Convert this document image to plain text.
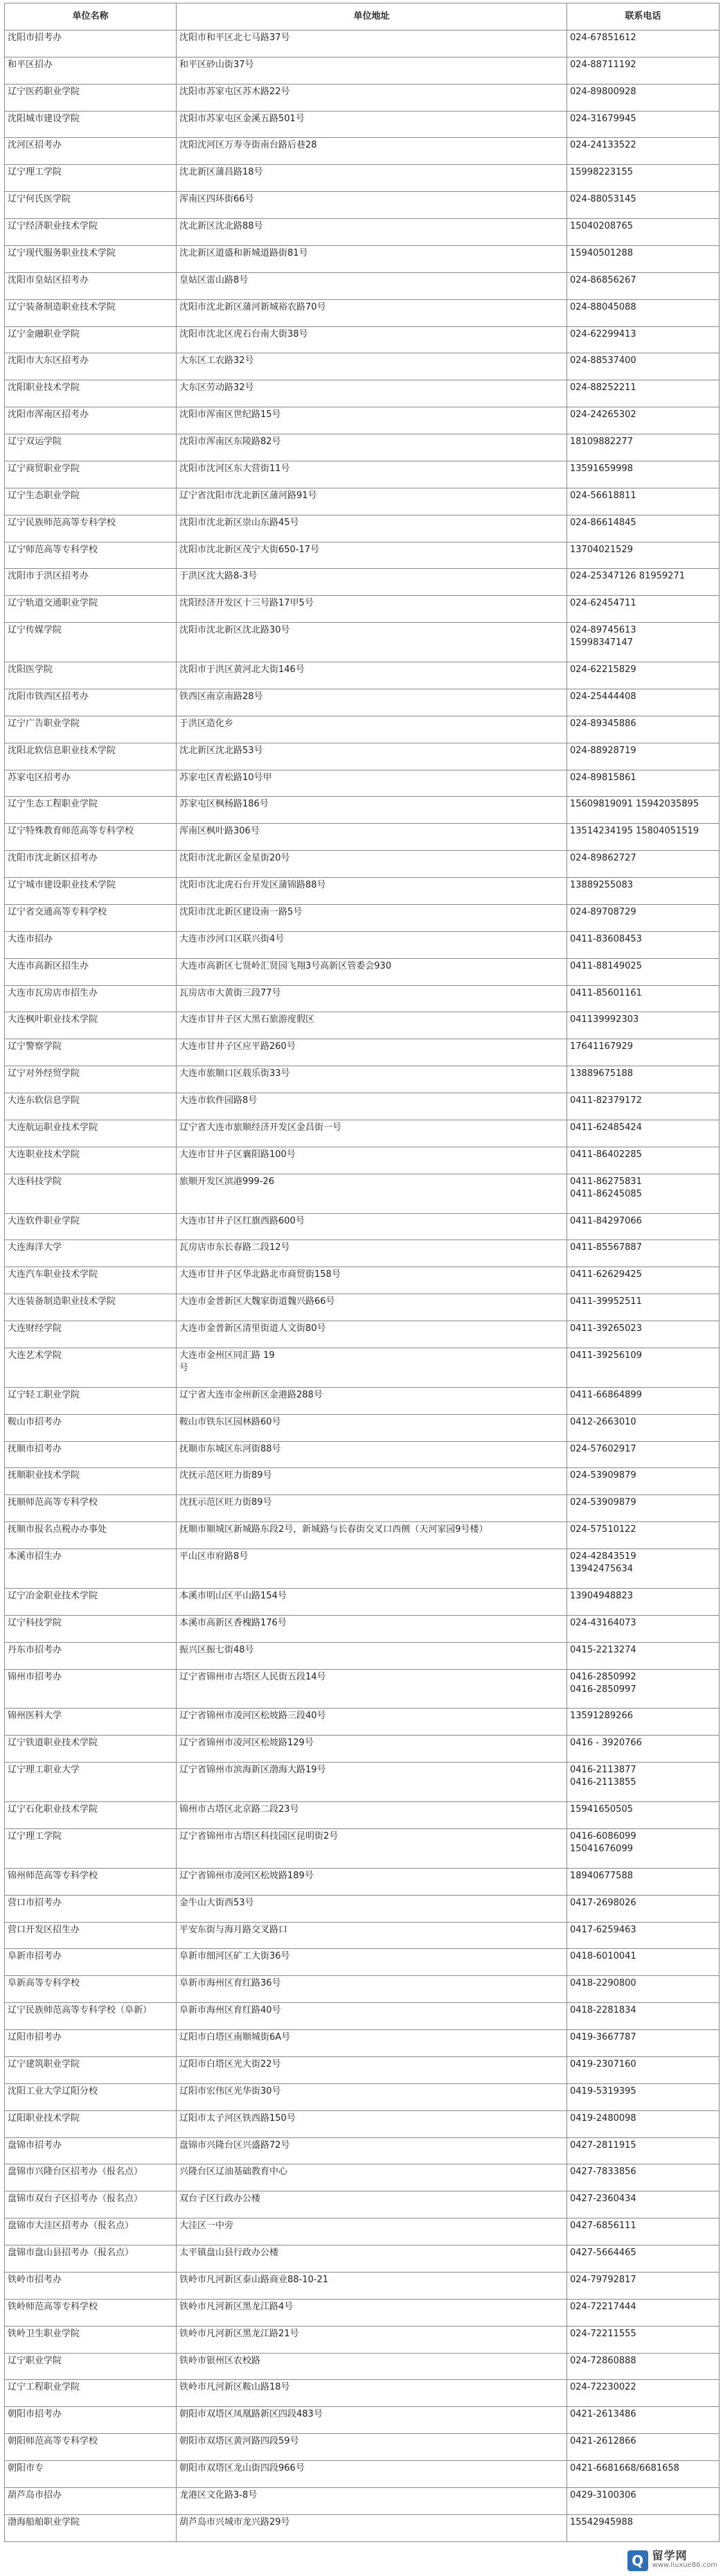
单位名称	单位地址	联系电话
沈阳市招考办	沈阳市和平区北七马路37号	024-67851612
和平区招办	和平区砂山街37号	024-88711192
辽宁医药职业学院	沈阳市苏家屯区苏木路22号	024-89800928
沈阳城市建设学院	沈阳市苏家屯区金溪五路501号	024-31679945
沈河区招考办	沈阳沈河区万寿寺街南台路后巷28	024-24133522
辽宁理工学院	沈北新区蒲昌路18号	15998223155
辽宁何氏医学院	浑南区四环街66号	024-88053145
辽宁经济职业技术学院	沈北新区沈北路88号	15040208765
辽宁现代服务职业技术学院	沈北新区道盛和新城道路街81号	15940501288
沈阳市皇姑区招考办	皇姑区雷山路8号	024-86856267
辽宁装备制造职业技术学院	沈阳市沈北新区蒲河新城裕农路70号	024-88045088
辽宁金融职业学院	沈阳市沈北区虎石台南大街38号	024-62299413
沈阳市大东区招考办	大东区工农路32号	024-88537400
沈阳职业技术学院	大东区劳动路32号	024-88252211
沈阳市浑南区招考办	沈阳市浑南区世纪路15号	024-24265302
辽宁双运学院	沈阳市浑南区东陵路82号	18109882277
辽宁商贸职业学院	沈阳市沈河区东大营街11号	13591659998
辽宁生态职业学院	辽宁省沈阳市沈北新区蒲河路91号	024-56618811
辽宁民族师范高等专科学校	沈阳市沈北新区崇山东路45号	024-86614845
辽宁师范高等专科学校	沈阳市沈北新区茂宁大街650-17号	13704021529
沈阳市于洪区招考办	于洪区沈大路8-3号	024-25347126 81959271
辽宁轨道交通职业学院	沈阳经济开发区十三号路17甲5号	024-62454711
辽宁传媒学院	沈阳市沈北新区沈北路30号	024-89745613
15998347147
沈阳医学院	沈阳市于洪区黄河北大街146号	024-62215829
沈阳市铁西区招考办	铁西区南京南路28号	024-25444408
辽宁广告职业学院	于洪区造化乡	024-89345886
沈阳北软信息职业技术学院	沈北新区沈北路53号	024-88928719
苏家屯区招考办	苏家屯区青松路10号甲	024-89815861
辽宁生态工程职业学院	苏家屯区枫杨路186号	15609819091 15942035895
辽宁特殊教育师范高等专科学校	浑南区枫叶路306号	13514234195 15804051519
沈阳市沈北新区招考办	沈阳市沈北新区金星街20号	024-89862727
辽宁城市建设职业技术学院	沈阳市沈北虎石台开发区蒲锦路88号	13889255083
辽宁省交通高等专科学校	沈阳市沈北新区建设南一路5号	024-89708729
大连市招办	大连市沙河口区联兴街4号	0411-83608453
大连市高新区招生办	大连市高新区七贤岭汇贤园飞翔3号高新区管委会930	0411-88149025
大连市瓦房店市招生办	瓦房店市大黄街三段77号	0411-85601161
大连枫叶职业技术学院	大连市甘井子区大黑石旅游度假区	041139992303
辽宁警察学院	大连市甘井子区应平路260号	17641167929
辽宁对外经贸学院	大连市旅顺口区载乐街33号	13889675188
大连东软信息学院	大连市软件园路8号	0411-82379172
大连航运职业技术学院	辽宁省大连市旅顺经济开发区金昌街一号	0411-62485424
大连职业技术学院	大连市甘井子区襄阳路100号	0411-86402285
大连科技学院	旅顺开发区滨港999-26	0411-86275831
0411-86245085
大连软件职业学院	大连市甘井子区红旗西路600号	0411-84297066
大连海洋大学	瓦房店市东长春路二段12号	0411-85567887
大连汽车职业技术学院	大连市甘井子区华北路北市商贸街158号	0411-62629425
大连装备制造职业技术学院	大连市金普新区大魏家街道魏兴路66号	0411-39952511
大连财经学院	大连市金普新区清里街道人文街80号	0411-39265023
大连艺术学院	大连市金州区同汇路 19
号	0411-39256109
辽宁轻工职业学院	辽宁省大连市金州新区金港路288号	0411-66864899
鞍山市招考办	鞍山市铁东区园林路60号	0412-2663010
抚顺市招考办	抚顺市东城区东河街88号	024-57602917
抚顺职业技术学院	沈抚示范区旺力街89号	024-53909879
抚顺师范高等专科学校	沈抚示范区旺力街89号	024-53909879
抚顺市报名点税办办事处	抚顺市顺城区新城路东段2号，新城路与长春街交叉口西侧（天河家园9号楼）	024-57510122
本溪市招生办	平山区市府路8号	024-42843519
13942475634
辽宁冶金职业技术学院	本溪市明山区平山路154号	13904948823
辽宁科技学院	本溪市高新区香槐路176号	024-43164073
丹东市招考办	振兴区振七街48号	0415-2213274
锦州市招考办	辽宁省锦州市古塔区人民街五段14号	0416-2850992
0416-2850997
锦州医科大学	辽宁省锦州市凌河区松坡路三段40号	13591289266
辽宁铁道职业技术学院	辽宁省锦州市凌河区松坡路129号	0416 - 3920766
辽宁理工职业大学	辽宁省锦州市滨海新区渤海大路19号	0416-2113877
0416-2113855
辽宁石化职业技术学院	锦州市古塔区北京路二段23号	15941650505
辽宁理工学院	辽宁省锦州市古塔区科技园区昆明街2号	0416-6086099
15041676099
锦州师范高等专科学校	辽宁省锦州市凌河区松坡路189号	18940677588
营口市招考办	金牛山大街西53号	0417-2698026
营口开发区招生办	平安东街与海月路交叉路口	0417-6259463
阜新市招考办	阜新市细河区矿工大街36号	0418-6010041
阜新高等专科学校	阜新市海州区育红路36号	0418-2290800
辽宁民族师范高等专科学校（阜新）	阜新市海州区育红路40号	0418-2281834
辽阳市招考办	辽阳市白塔区南顺城街6A号	0419-3667787
辽宁建筑职业学院	辽阳市白塔区光大街22号	0419-2307160
沈阳工业大学辽阳分校	辽阳市宏伟区光华街30号	0419-5319395
辽阳职业技术学院	辽阳市太子河区铁西路150号	0419-2480098
盘锦市招考办	盘锦市兴隆台区兴盛路72号	0427-2811915
盘锦市兴隆台区招考办（报名点）	兴隆台区辽油基础教育中心	0427-7833856
盘锦市双台子区招考办（报名点）	双台子区行政办公楼	0427-2360434
盘锦市大洼区招考办（报名点）	大洼区一中旁	0427-6856111
盘锦市盘山县招考办（报名点）	太平镇盘山县行政办公楼	0427-5664465
铁岭市招考办	铁岭市凡河新区泰山路商业88-10-21	024-79792817
铁岭师范高等专科学校	铁岭市凡河新区黑龙江路4号	024-72217444
铁岭卫生职业学院	铁岭市凡河新区黑龙江路21号	024-72211555
辽宁职业学院	铁岭市银州区农校路	024-72860888
辽宁工程职业学院	铁岭市凡河新区鞍山路18号	024-72230022
朝阳市招考办	朝阳市双塔区凤凰路新区四段483号	0421-2613486
朝阳师范高等专科学校	朝阳市双塔区黄河路四段59号	0421-2612866
朝阳市专	朝阳市双塔区龙山街四段966号	0421-6681668/6681658
葫芦岛市招办	龙港区文化路3-8号	0429-3100306
渤海船舶职业学院	葫芦岛市兴城市龙兴路29号	15542945988
Q 留学网
www.liuxue86.com
